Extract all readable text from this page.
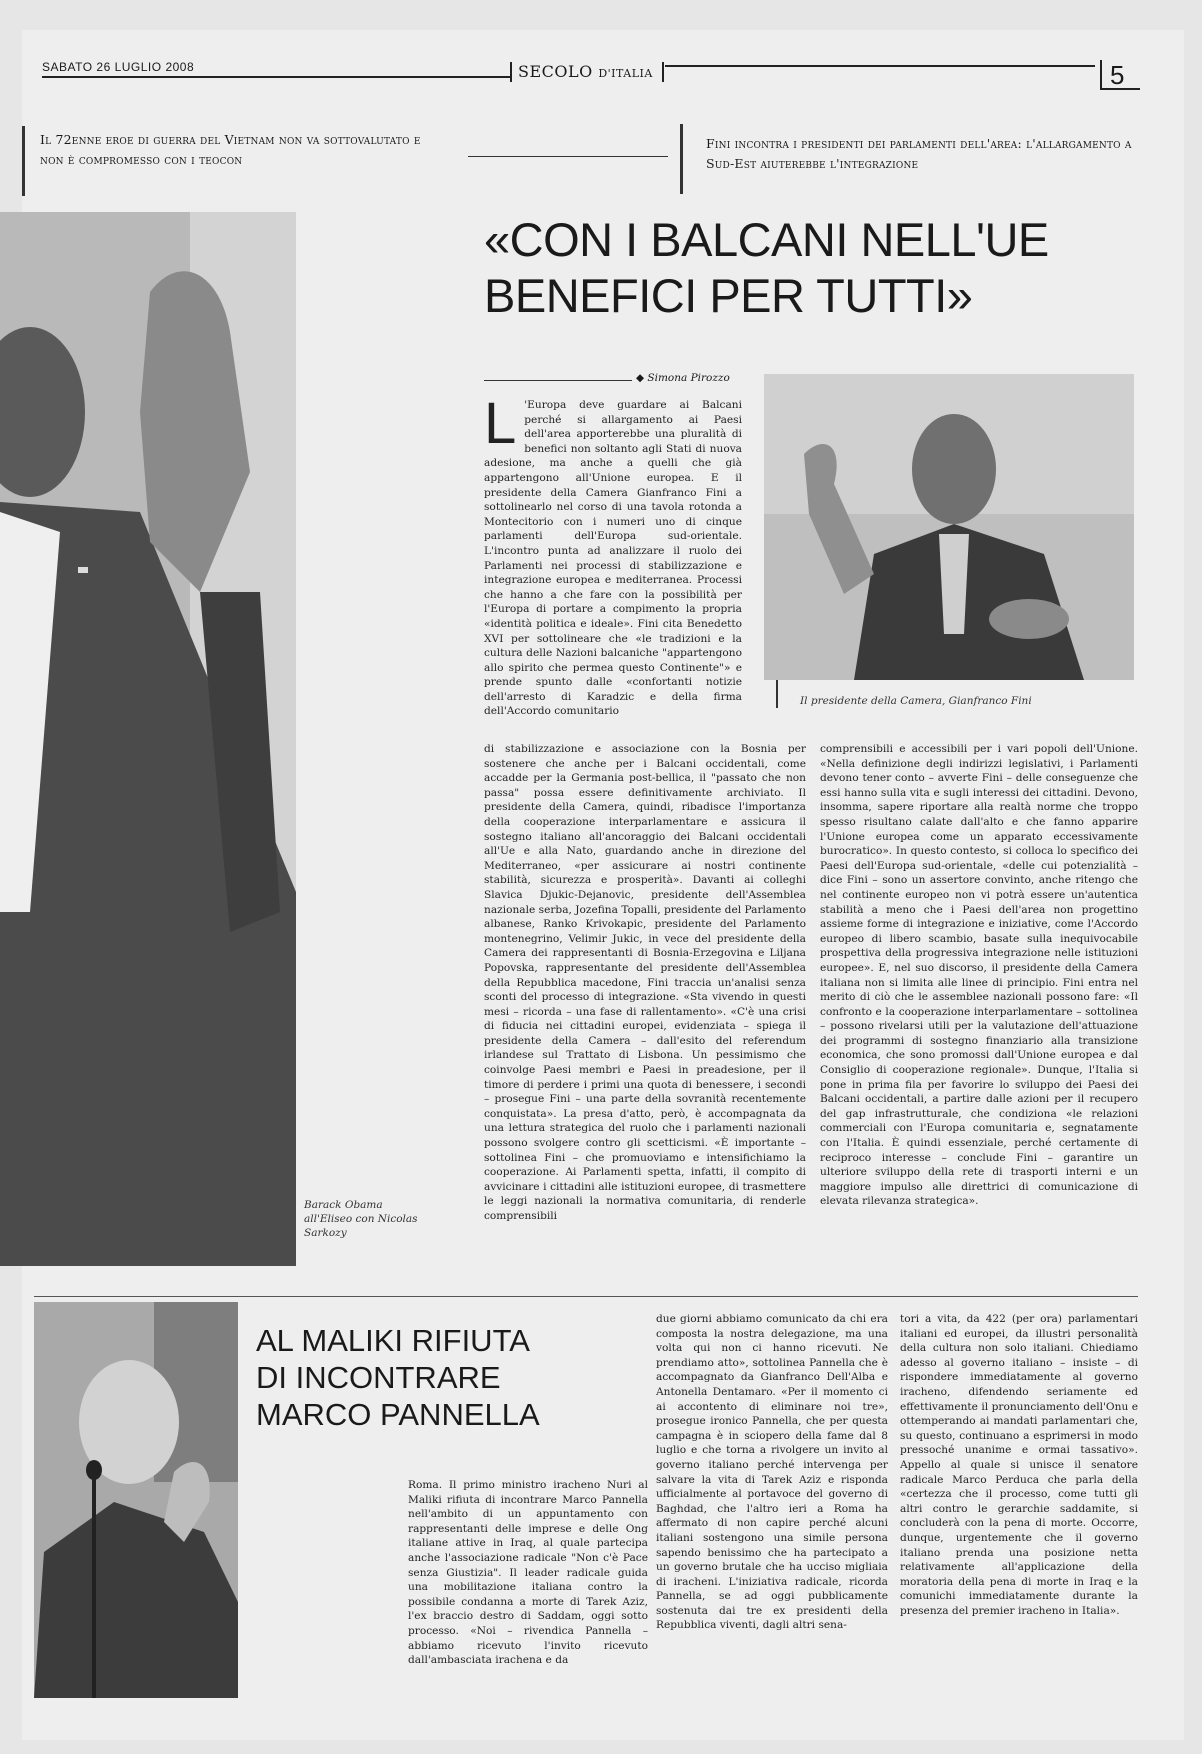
SABATO 26 LUGLIO 2008	SECOLO D'ITALIA	5
Il 72enne eroe di guerra del Vietnam non va sottovalutato e non è compromesso con i teocon
Fini incontra i presidenti dei parlamenti dell'area: l'allargamento a Sud-Est aiuterebbe l'integrazione
Barack Obama all'Eliseo con Nicolas Sarkozy
«CON I BALCANI NELL'UE
BENEFICI PER TUTTI»
◆ Simona Pirozzo
Il presidente della Camera, Gianfranco Fini
L 'Europa deve guardare ai Balcani perché si allargamento ai Paesi dell'area apporterebbe una pluralità di benefici non soltanto agli Stati di nuova adesione, ma anche a quelli che già appartengono all'Unione europea. E il presidente della Camera Gianfranco Fini a sottolinearlo nel corso di una tavola rotonda a Montecitorio con i numeri uno di cinque parlamenti dell'Europa sud-orientale. L'incontro punta ad analizzare il ruolo dei Parlamenti nei processi di stabilizzazione e integrazione europea e mediterranea. Processi che hanno a che fare con la possibilità per l'Europa di portare a compimento la propria «identità politica e ideale». Fini cita Benedetto XVI per sottolineare che «le tradizioni e la cultura delle Nazioni balcaniche "appartengono allo spirito che permea questo Continente"» e prende spunto dalle «confortanti notizie dell'arresto di Karadzic e della firma dell'Accordo comunitario
di stabilizzazione e associazione con la Bosnia per sostenere che anche per i Balcani occidentali, come accadde per la Germania post-bellica, il "passato che non passa" possa essere definitivamente archiviato. Il presidente della Camera, quindi, ribadisce l'importanza della cooperazione interparlamentare e assicura il sostegno italiano all'ancoraggio dei Balcani occidentali all'Ue e alla Nato, guardando anche in direzione del Mediterraneo, «per assicurare ai nostri continente stabilità, sicurezza e prosperità». Davanti ai colleghi Slavica Djukic-Dejanovic, presidente dell'Assemblea nazionale serba, Jozefina Topalli, presidente del Parlamento albanese, Ranko Krivokapic, presidente del Parlamento montenegrino, Velimir Jukic, in vece del presidente della Camera dei rappresentanti di Bosnia-Erzegovina e Liljana Popovska, rappresentante del presidente dell'Assemblea della Repubblica macedone, Fini traccia un'analisi senza sconti del processo di integrazione. «Sta vivendo in questi mesi – ricorda – una fase di rallentamento». «C'è una crisi di fiducia nei cittadini europei, evidenziata – spiega il presidente della Camera – dall'esito del referendum irlandese sul Trattato di Lisbona. Un pessimismo che coinvolge Paesi membri e Paesi in preadesione, per il timore di perdere i primi una quota di benessere, i secondi – prosegue Fini – una parte della sovranità recentemente conquistata». La presa d'atto, però, è accompagnata da una lettura strategica del ruolo che i parlamenti nazionali possono svolgere contro gli scetticismi. «È importante – sottolinea Fini – che promuoviamo e intensifichiamo la cooperazione. Ai Parlamenti spetta, infatti, il compito di avvicinare i cittadini alle istituzioni europee, di trasmettere le leggi nazionali la normativa comunitaria, di renderle comprensibili
comprensibili e accessibili per i vari popoli dell'Unione. «Nella definizione degli indirizzi legislativi, i Parlamenti devono tener conto – avverte Fini – delle conseguenze che essi hanno sulla vita e sugli interessi dei cittadini. Devono, insomma, sapere riportare alla realtà norme che troppo spesso risultano calate dall'alto e che fanno apparire l'Unione europea come un apparato eccessivamente burocratico». In questo contesto, si colloca lo specifico dei Paesi dell'Europa sud-orientale, «delle cui potenzialità – dice Fini – sono un assertore convinto, anche ritengo che nel continente europeo non vi potrà essere un'autentica stabilità a meno che i Paesi dell'area non progettino assieme forme di integrazione e iniziative, come l'Accordo europeo di libero scambio, basate sulla inequivocabile prospettiva della progressiva integrazione nelle istituzioni europee». E, nel suo discorso, il presidente della Camera italiana non si limita alle linee di principio. Fini entra nel merito di ciò che le assemblee nazionali possono fare: «Il confronto e la cooperazione interparlamentare – sottolinea – possono rivelarsi utili per la valutazione dell'attuazione dei programmi di sostegno finanziario alla transizione economica, che sono promossi dall'Unione europea e dal Consiglio di cooperazione regionale». Dunque, l'Italia si pone in prima fila per favorire lo sviluppo dei Paesi dei Balcani occidentali, a partire dalle azioni per il recupero del gap infrastrutturale, che condiziona «le relazioni commerciali con l'Europa comunitaria e, segnatamente con l'Italia. È quindi essenziale, perché certamente di reciproco interesse – conclude Fini – garantire un ulteriore sviluppo della rete di trasporti interni e un maggiore impulso alle direttrici di comunicazione di elevata rilevanza strategica».
AL MALIKI RIFIUTA
DI INCONTRARE
MARCO PANNELLA
Roma. Il primo ministro iracheno Nuri al Maliki rifiuta di incontrare Marco Pannella nell'ambito di un appuntamento con rappresentanti delle imprese e delle Ong italiane attive in Iraq, al quale partecipa anche l'associazione radicale "Non c'è Pace senza Giustizia". Il leader radicale guida una mobilitazione italiana contro la possibile condanna a morte di Tarek Aziz, l'ex braccio destro di Saddam, oggi sotto processo. «Noi – rivendica Pannella – abbiamo ricevuto l'invito ricevuto dall'ambasciata irachena e da
due giorni abbiamo comunicato da chi era composta la nostra delegazione, ma una volta qui non ci hanno ricevuti. Ne prendiamo atto», sottolinea Pannella che è accompagnato da Gianfranco Dell'Alba e Antonella Dentamaro. «Per il momento ci ai accontento di eliminare noi tre», prosegue ironico Pannella, che per questa campagna è in sciopero della fame dal 8 luglio e che torna a rivolgere un invito al governo italiano perché intervenga per salvare la vita di Tarek Aziz e risponda ufficialmente al portavoce del governo di Baghdad, che l'altro ieri a Roma ha affermato di non capire perché alcuni italiani sostengono una simile persona sapendo benissimo che ha partecipato a un governo brutale che ha ucciso migliaia di iracheni. L'iniziativa radicale, ricorda Pannella, se ad oggi pubblicamente sostenuta dai tre ex presidenti della Repubblica viventi, dagli altri sena-
tori a vita, da 422 (per ora) parlamentari italiani ed europei, da illustri personalità della cultura non solo italiani. Chiediamo adesso al governo italiano – insiste – di rispondere immediatamente al governo iracheno, difendendo seriamente ed effettivamente il pronunciamento dell'Onu e ottemperando ai mandati parlamentari che, su questo, continuano a esprimersi in modo pressoché unanime e ormai tassativo». Appello al quale si unisce il senatore radicale Marco Perduca che parla della «certezza che il processo, come tutti gli altri contro le gerarchie saddamite, si concluderà con la pena di morte. Occorre, dunque, urgentemente che il governo italiano prenda una posizione netta relativamente all'applicazione della moratoria della pena di morte in Iraq e la comunichi immediatamente durante la presenza del premier iracheno in Italia».
